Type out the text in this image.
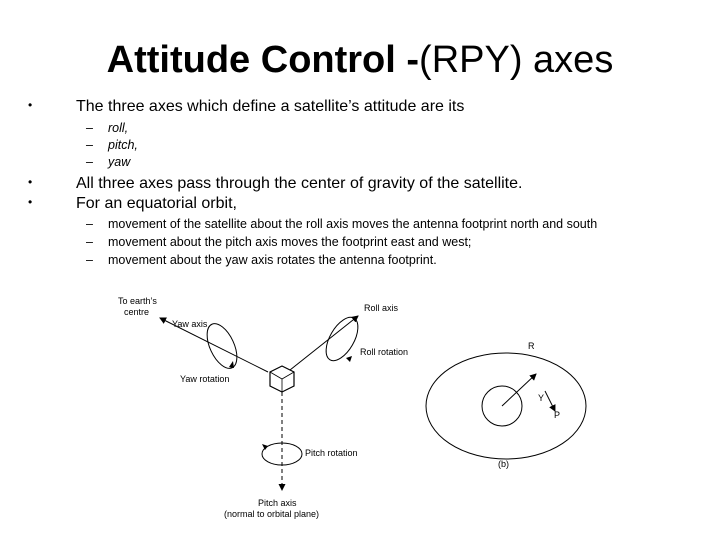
Attitude Control -(RPY) axes
•	The three axes which define a satellite’s attitude are its
– roll,
– pitch,
– yaw
•	All three axes pass through the center of gravity of the satellite.
•	For an equatorial orbit,
– movement of the satellite about the roll axis moves the antenna footprint north and south
– movement about the pitch axis moves the footprint east and west;
– movement about the yaw axis rotates the antenna footprint.
To earth’s
centre
Yaw axis
Yaw rotation
Roll axis
Roll rotation
Pitch rotation
Pitch axis
(normal to orbital plane)
R
Y
P
(b)
